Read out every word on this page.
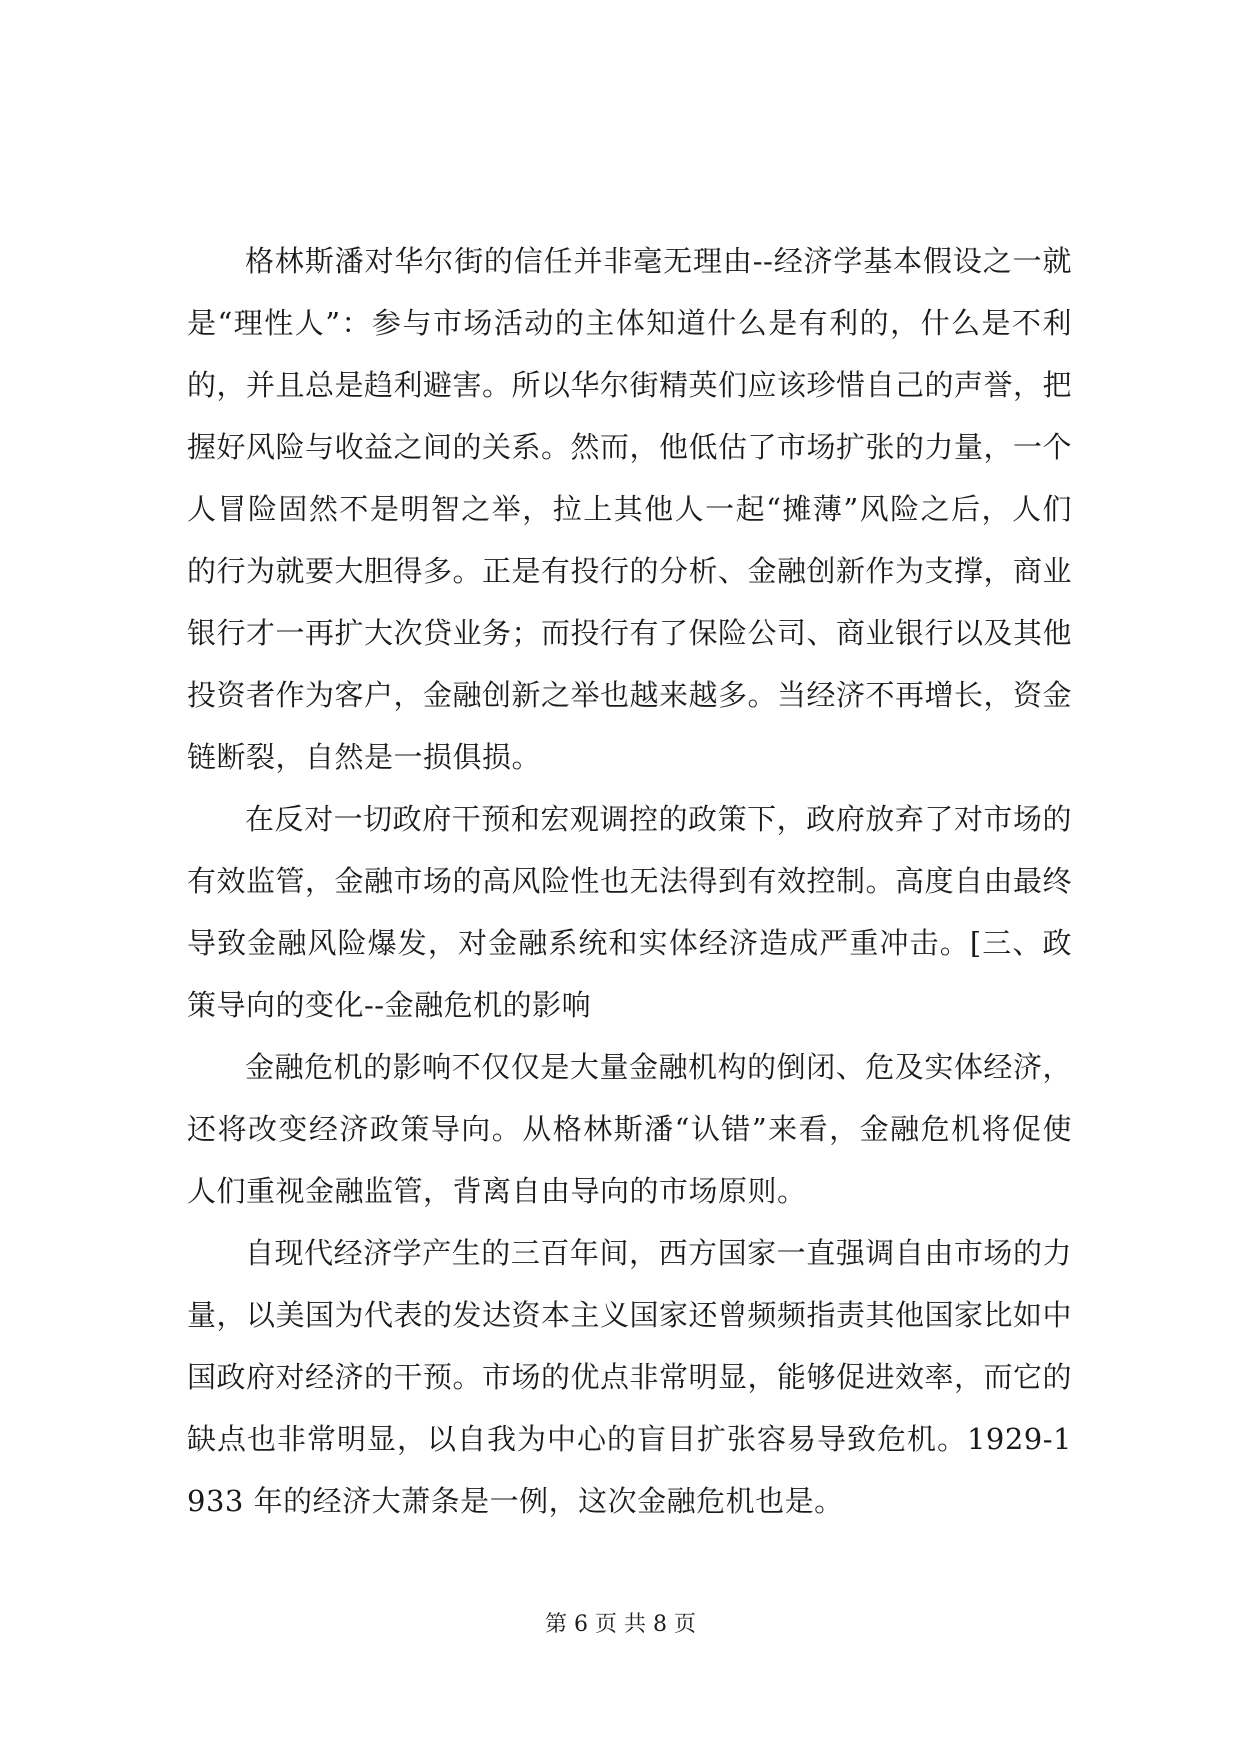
格林斯潘对华尔街的信任并非毫无理由--经济学基本假设之一就是“理性人”：参与市场活动的主体知道什么是有利的，什么是不利的，并且总是趋利避害。所以华尔街精英们应该珍惜自己的声誉，把握好风险与收益之间的关系。然而，他低估了市场扩张的力量，一个人冒险固然不是明智之举，拉上其他人一起“摊薄”风险之后，人们的行为就要大胆得多。正是有投行的分析、金融创新作为支撑，商业银行才一再扩大次贷业务；而投行有了保险公司、商业银行以及其他投资者作为客户，金融创新之举也越来越多。当经济不再增长，资金链断裂，自然是一损俱损。

在反对一切政府干预和宏观调控的政策下，政府放弃了对市场的有效监管，金融市场的高风险性也无法得到有效控制。高度自由最终导致金融风险爆发，对金融系统和实体经济造成严重冲击。[三、政策导向的变化--金融危机的影响

金融危机的影响不仅仅是大量金融机构的倒闭、危及实体经济，还将改变经济政策导向。从格林斯潘“认错”来看，金融危机将促使人们重视金融监管，背离自由导向的市场原则。

自现代经济学产生的三百年间，西方国家一直强调自由市场的力量，以美国为代表的发达资本主义国家还曾频频指责其他国家比如中国政府对经济的干预。市场的优点非常明显，能够促进效率，而它的缺点也非常明显，以自我为中心的盲目扩张容易导致危机。1929-1933 年的经济大萧条是一例，这次金融危机也是。

第 6 页 共 8 页
